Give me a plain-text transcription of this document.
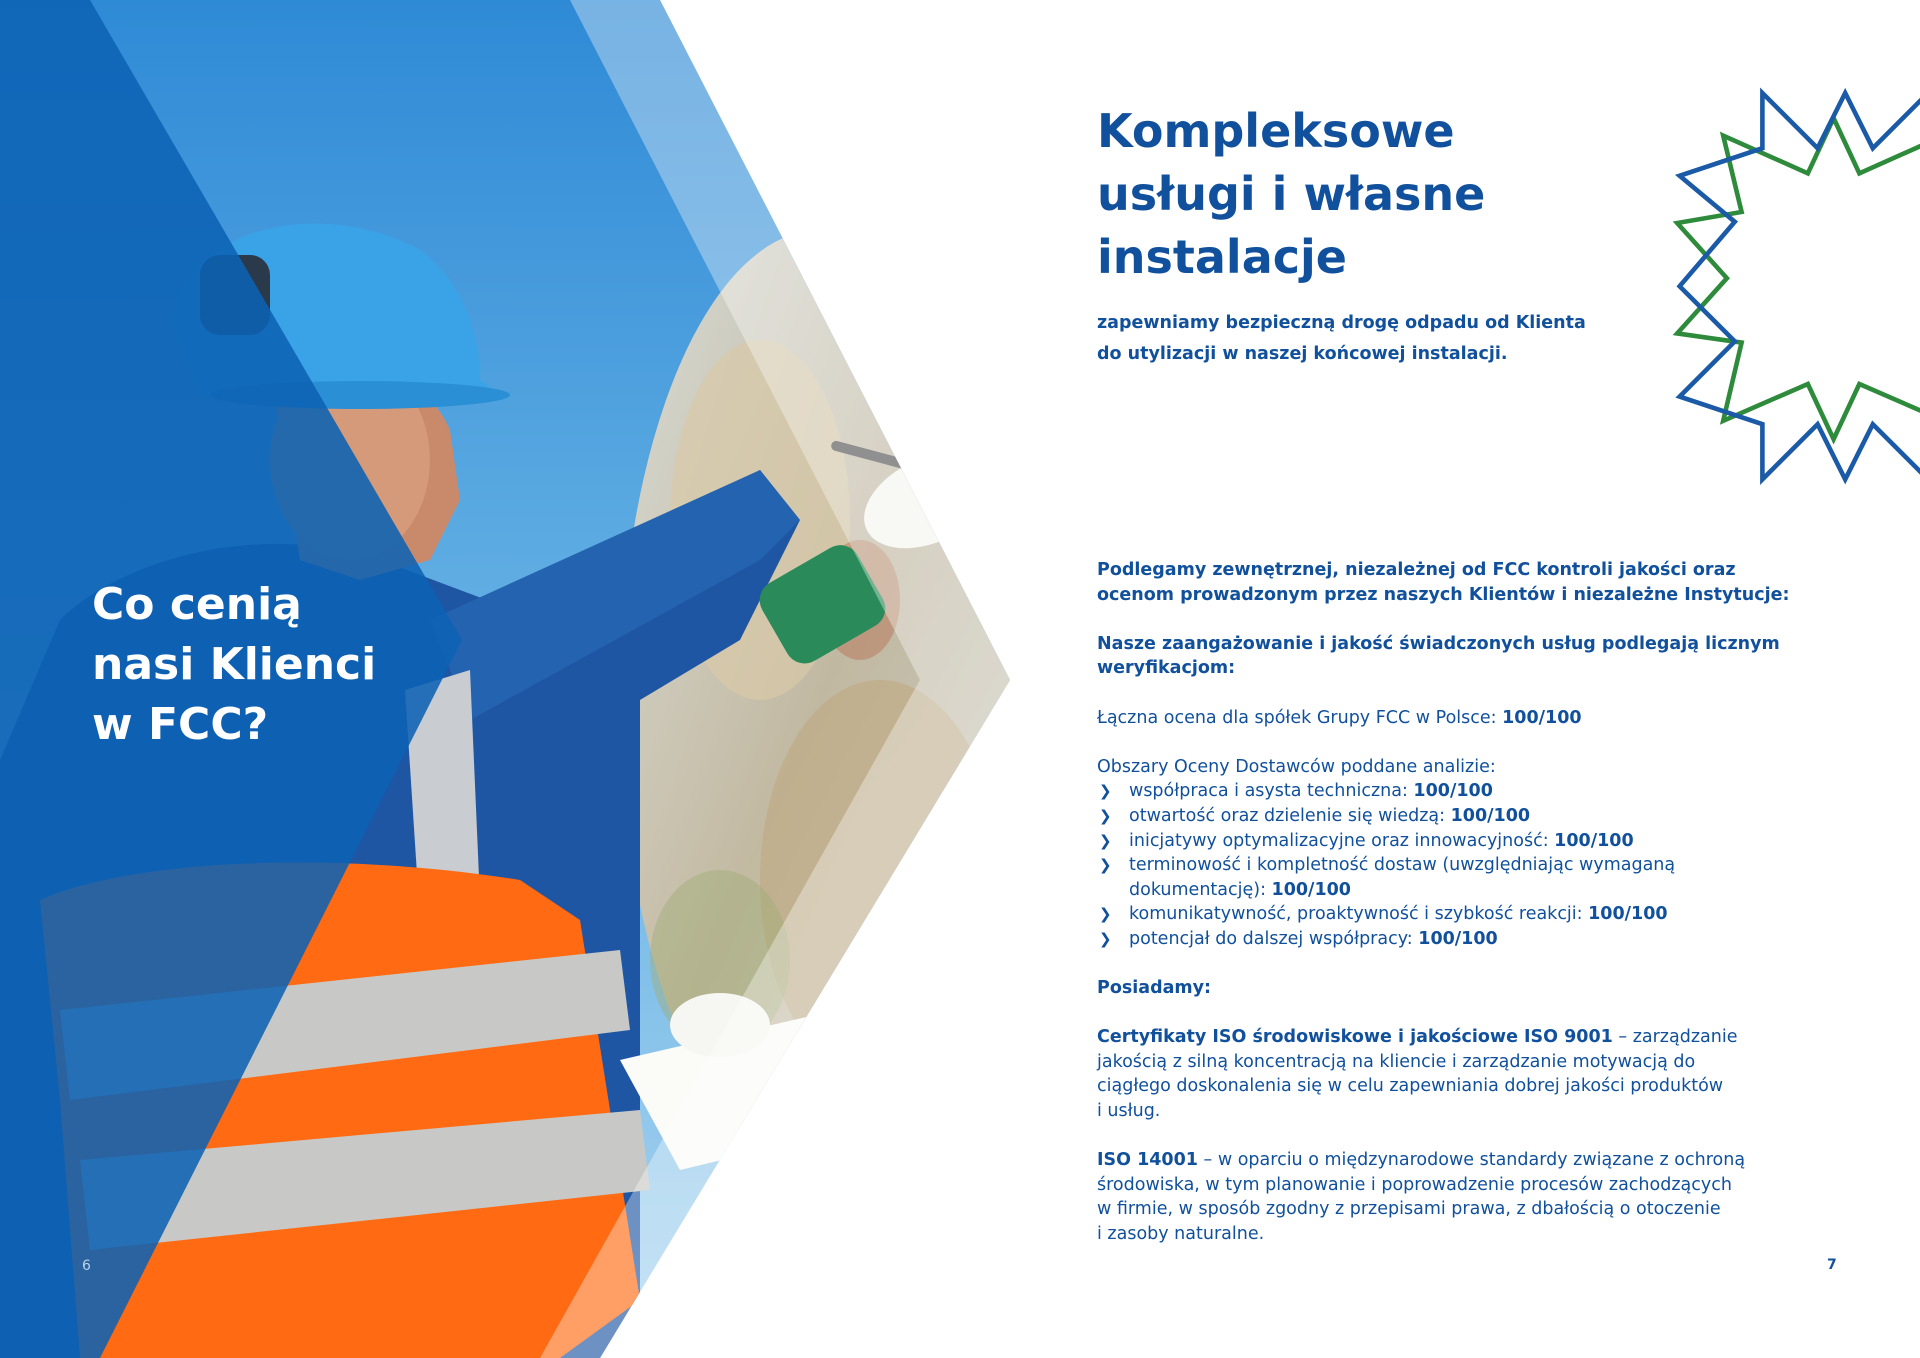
Co cenią
nasi Klienci
w FCC?
6
Kompleksowe
usługi i własne
instalacje

zapewniamy bezpieczną drogę odpadu od Klienta
do utylizacji w naszej końcowej instalacji.

Podlegamy zewnętrznej, niezależnej od FCC kontroli jakości oraz
ocenom prowadzonym przez naszych Klientów i niezależne Instytucje:

Nasze zaangażowanie i jakość świadczonych usług podlegają licznym
weryfikacjom:

Łączna ocena dla spółek Grupy FCC w Polsce: 100/100

Obszary Oceny Dostawców poddane analizie:

❯ współpraca i asysta techniczna: 100/100
❯ otwartość oraz dzielenie się wiedzą: 100/100
❯ inicjatywy optymalizacyjne oraz innowacyjność: 100/100
❯ terminowość i kompletność dostaw (uwzględniając wymaganą
dokumentację): 100/100
❯ komunikatywność, proaktywność i szybkość reakcji: 100/100
❯ potencjał do dalszej współpracy: 100/100

Posiadamy:

Certyfikaty ISO środowiskowe i jakościowe ISO 9001 – zarządzanie
jakością z silną koncentracją na kliencie i zarządzanie motywacją do
ciągłego doskonalenia się w celu zapewniania dobrej jakości produktów
i usług.

ISO 14001 – w oparciu o międzynarodowe standardy związane z ochroną
środowiska, w tym planowanie i poprowadzenie procesów zachodzących
w firmie, w sposób zgodny z przepisami prawa, z dbałością o otoczenie
i zasoby naturalne.

7
